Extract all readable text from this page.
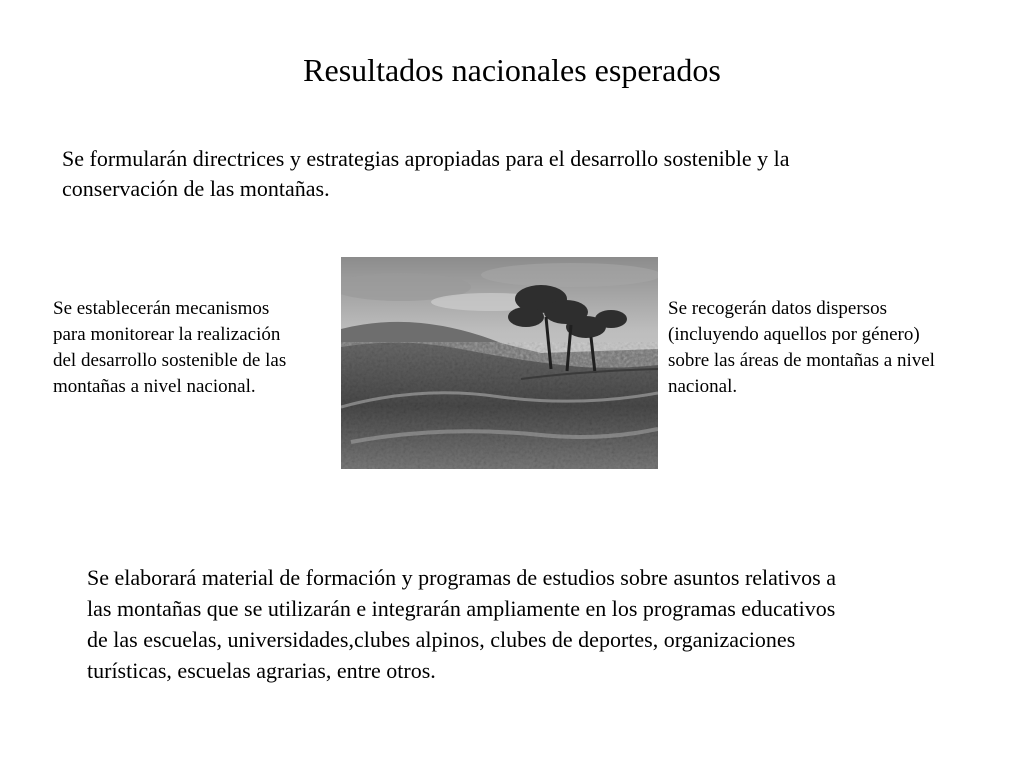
Resultados nacionales esperados
Se formularán directrices y estrategias apropiadas para el desarrollo sostenible y la
conservación de las montañas.
Se establecerán mecanismos
para monitorear la realización
del desarrollo sostenible de las
montañas a nivel nacional.
Se recogerán datos dispersos
(incluyendo aquellos por género)
sobre las áreas de montañas a nivel
nacional.
Se elaborará material de formación y programas de estudios sobre asuntos relativos a
las montañas que se utilizarán e integrarán ampliamente en los programas educativos
de las escuelas, universidades,clubes alpinos, clubes de deportes, organizaciones
turísticas, escuelas agrarias, entre otros.
